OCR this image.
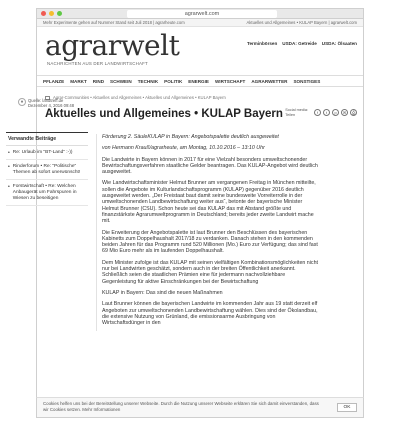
agrarwelt.com
Mehr Experimente gehen auf Nummer Stand seit Juli 2018 | agrarheute.com	Aktuelles und Allgemeines • KULAP Bayern | agrarwelt.com
agrarwelt
NACHRICHTEN AUS DER LANDWIRTSCHAFT
Terminbörsen USDA: Getreide USDA: Ölsaaten
PFLANZE MARKT RIND SCHWEIN TECHNIK POLITIK ENERGIE WIRTSCHAFT AGRARWETTER SONSTIGES
Agrar-Communities • Aktuelles und Allgemeines • Aktuelles und Allgemeines • KULAP Bayern
Aktuelles und Allgemeines • KULAP Bayern Social media:
Teilen	f	t	p	✉	⎙
●	Quelle: landtreff.de
Dezember 4, 2016 09:48
Verwandte Beiträge
• Re: Urlaub im "BT-Land" :-))
• Rinderforum • Re: "Politische" Themen ab sofort unerwünscht!
• Forstwirtschaft • Re: Welchen Anbaugerät um Fahrspuren in Wiesen zu beseitigen

Förderung 2. SäuleKULAP in Bayern: Angebotspalette deutlich ausgeweitet

von Hermann Krauß/agrarheute, am Montag, 10.10.2016 – 13:10 Uhr

Die Landwirte in Bayern können in 2017 für eine Vielzahl besonders umweltschonender Bewirtschaftungsverfahren staatliche Gelder beantragen. Das KULAP-Angebot wird deutlich ausgeweitet.

Wie Landwirtschaftsminister Helmut Brunner am vergangenen Freitag in München mitteilte, sollen die Angebote im Kulturlandschaftsprogramm (KULAP) gegenüber 2016 deutlich ausgeweitet werden. „Der Freistaat baut damit seine bundesweite Vorreiterrolle in der umweltschonenden Landbewirtschaftung weiter aus“, betonte der bayerische Minister Helmut Brunner (CSU). Schon heute sei das KULAP das mit Abstand größte und finanzstärkste Agrarumweltprogramm in Deutschland; bereits jeder zweite Landwirt mache mit.

Die Erweiterung der Angebotspalette ist laut Brunner den Beschlüssen des bayerischen Kabinetts zum Doppelhaushalt 2017/18 zu verdanken. Danach stehen in den kommenden beiden Jahren für das Programm rund 520 Millionen (Mo.) Euro zur Verfügung; das sind fast 69 Mio Euro mehr als im laufenden Doppelhaushalt.

Dem Minister zufolge ist das KULAP mit seinen vielfältigen Kombinationsmöglichkeiten nicht nur bei Landwirten geschätzt, sondern auch in der breiten Öffentlichkeit anerkannt. Schließlich seien die staatlichen Prämien eine für jedermann nachvollziehbare Gegenleistung für aktive Einschränkungen bei der Bewirtschaftung

KULAP in Bayern: Das sind die neuen Maßnahmen

Laut Brunner können die bayerischen Landwirte im kommenden Jahr aus 19 statt derzeit elf Angeboten zur umweltschonenden Landbewirtschaftung wählen. Dies sind der Ökolandbau, die extensive Nutzung von Grünland, die emissionsarme Ausbringung von Wirtschaftsdünger in den

Cookies helfen uns bei der Bereitstellung unserer Webseite. Durch die Nutzung unserer Webseite erklären Sie sich damit einverstanden, dass wir Cookies setzen. Mehr Informationen	OK
